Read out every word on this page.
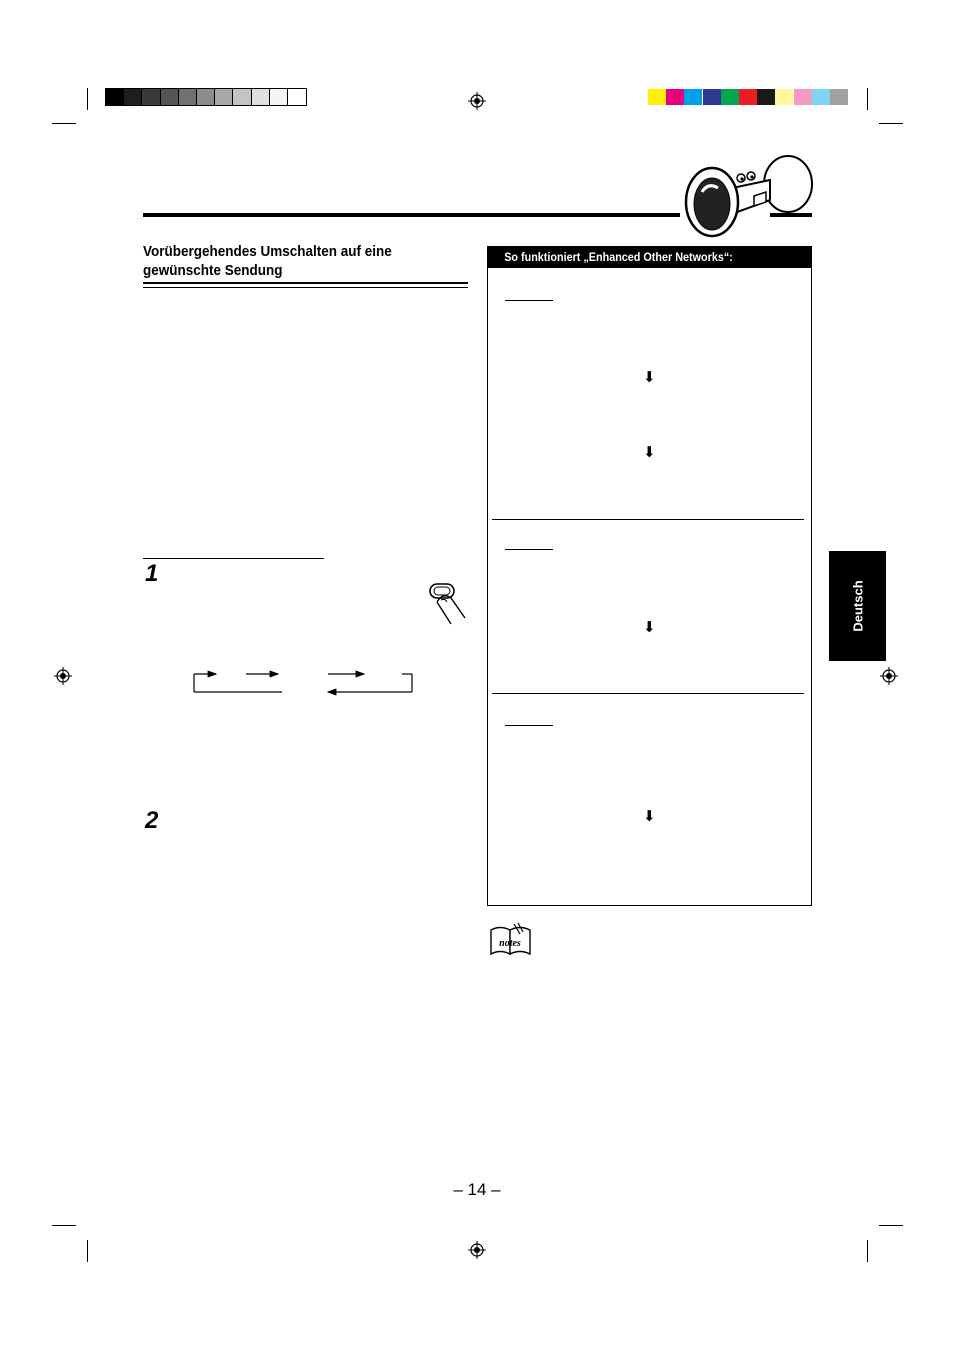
Vorübergehendes Umschalten auf eine
gewünschte Sendung
1
2
So funktioniert „Enhanced Other Networks“:
⬇
⬇
⬇
⬇
notes
Deutsch
– 14 –
